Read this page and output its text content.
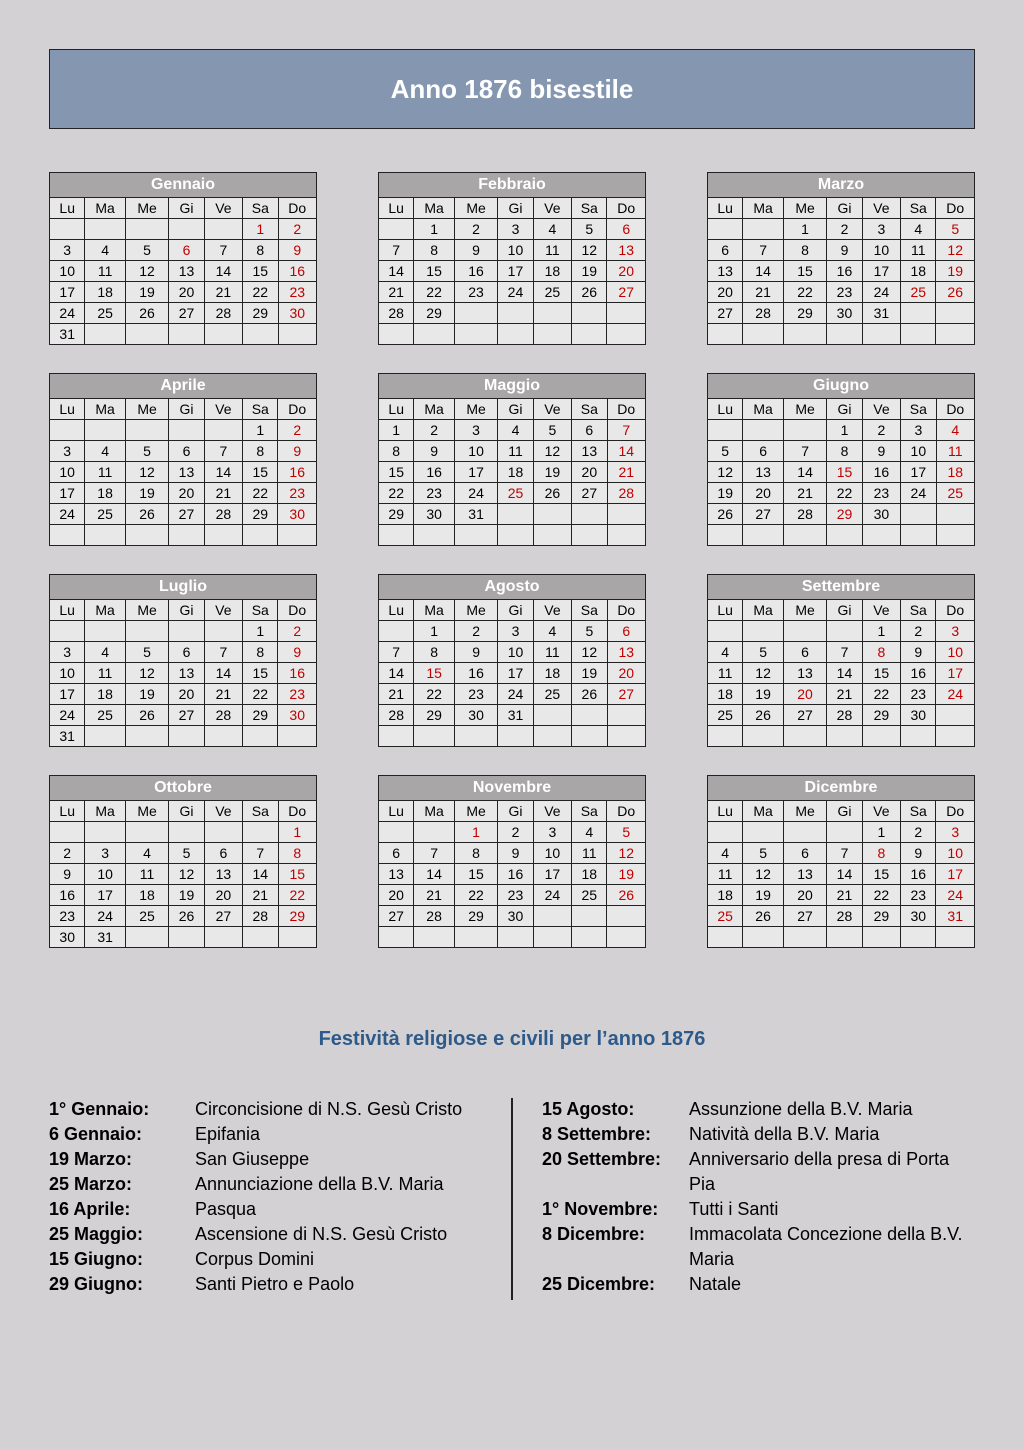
Anno 1876 bisestile
Gennaio						
Lu	Ma	Me	Gi	Ve	Sa	Do
					1	2
3	4	5	6	7	8	9
10	11	12	13	14	15	16
17	18	19	20	21	22	23
24	25	26	27	28	29	30
31						
Febbraio						
Lu	Ma	Me	Gi	Ve	Sa	Do
	1	2	3	4	5	6
7	8	9	10	11	12	13
14	15	16	17	18	19	20
21	22	23	24	25	26	27
28	29					

Marzo						
Lu	Ma	Me	Gi	Ve	Sa	Do
		1	2	3	4	5
6	7	8	9	10	11	12
13	14	15	16	17	18	19
20	21	22	23	24	25	26
27	28	29	30	31		

Aprile						
Lu	Ma	Me	Gi	Ve	Sa	Do
					1	2
3	4	5	6	7	8	9
10	11	12	13	14	15	16
17	18	19	20	21	22	23
24	25	26	27	28	29	30

Maggio						
Lu	Ma	Me	Gi	Ve	Sa	Do
1	2	3	4	5	6	7
8	9	10	11	12	13	14
15	16	17	18	19	20	21
22	23	24	25	26	27	28
29	30	31				

Giugno						
Lu	Ma	Me	Gi	Ve	Sa	Do
			1	2	3	4
5	6	7	8	9	10	11
12	13	14	15	16	17	18
19	20	21	22	23	24	25
26	27	28	29	30		

Luglio						
Lu	Ma	Me	Gi	Ve	Sa	Do
					1	2
3	4	5	6	7	8	9
10	11	12	13	14	15	16
17	18	19	20	21	22	23
24	25	26	27	28	29	30
31						
Agosto						
Lu	Ma	Me	Gi	Ve	Sa	Do
	1	2	3	4	5	6
7	8	9	10	11	12	13
14	15	16	17	18	19	20
21	22	23	24	25	26	27
28	29	30	31			

Settembre						
Lu	Ma	Me	Gi	Ve	Sa	Do
				1	2	3
4	5	6	7	8	9	10
11	12	13	14	15	16	17
18	19	20	21	22	23	24
25	26	27	28	29	30	

Ottobre						
Lu	Ma	Me	Gi	Ve	Sa	Do
						1
2	3	4	5	6	7	8
9	10	11	12	13	14	15
16	17	18	19	20	21	22
23	24	25	26	27	28	29
30	31					
Novembre						
Lu	Ma	Me	Gi	Ve	Sa	Do
		1	2	3	4	5
6	7	8	9	10	11	12
13	14	15	16	17	18	19
20	21	22	23	24	25	26
27	28	29	30			

Dicembre						
Lu	Ma	Me	Gi	Ve	Sa	Do
				1	2	3
4	5	6	7	8	9	10
11	12	13	14	15	16	17
18	19	20	21	22	23	24
25	26	27	28	29	30	31

Festività religiose e civili per l’anno 1876
1° Gennaio:	Circoncisione di N.S. Gesù Cristo
6 Gennaio:	Epifania
19 Marzo:	San Giuseppe
25 Marzo:	Annunciazione della B.V. Maria
16 Aprile:	Pasqua
25 Maggio:	Ascensione di N.S. Gesù Cristo
15 Giugno:	Corpus Domini
29 Giugno:	Santi Pietro e Paolo
15 Agosto:	Assunzione della B.V. Maria
8 Settembre:	Natività della B.V. Maria
20 Settembre:	Anniversario della presa di Porta Pia
1° Novembre:	Tutti i Santi
8 Dicembre:	Immacolata Concezione della B.V. Maria
25 Dicembre:	Natale
